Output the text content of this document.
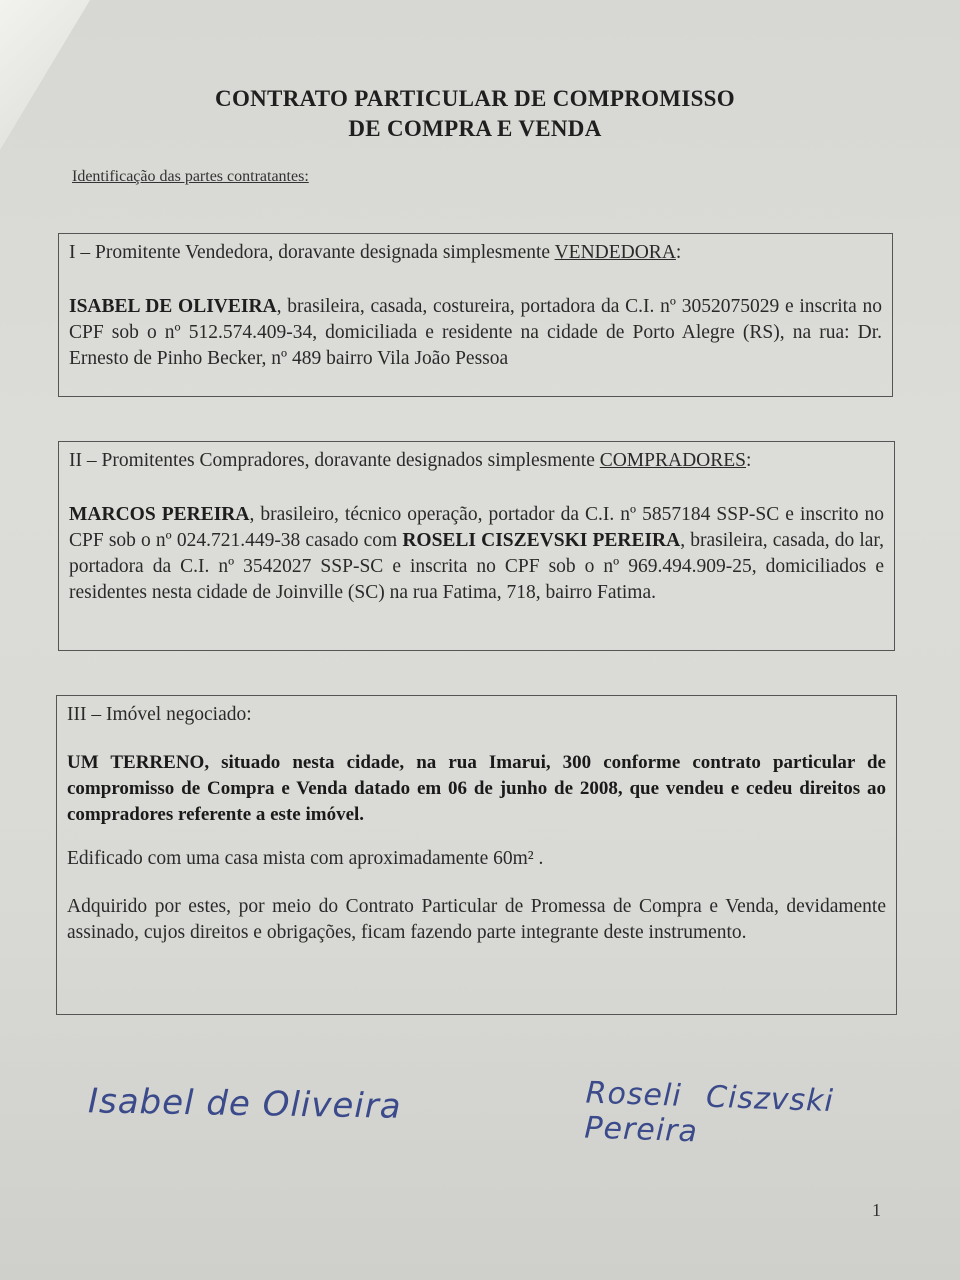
CONTRATO PARTICULAR DE COMPROMISSO
DE COMPRA E VENDA
Identificação das partes contratantes:

I – Promitente Vendedora, doravante designada simplesmente VENDEDORA:

ISABEL DE OLIVEIRA, brasileira, casada, costureira, portadora da C.I. nº 3052075029 e inscrita no CPF sob o nº 512.574.409-34, domiciliada e residente na cidade de Porto Alegre (RS), na rua: Dr. Ernesto de Pinho Becker, nº 489 bairro Vila João Pessoa

II – Promitentes Compradores, doravante designados simplesmente COMPRADORES:

MARCOS PEREIRA, brasileiro, técnico operação, portador da C.I. nº 5857184 SSP-SC e inscrito no CPF sob o nº 024.721.449-38 casado com ROSELI CISZEVSKI PEREIRA, brasileira, casada, do lar, portadora da C.I. nº 3542027 SSP-SC e inscrita no CPF sob o nº 969.494.909-25, domiciliados e residentes nesta cidade de Joinville (SC) na rua Fatima, 718, bairro Fatima.

III – Imóvel negociado:

UM TERRENO, situado nesta cidade, na rua Imarui, 300 conforme contrato particular de compromisso de Compra e Venda datado em 06 de junho de 2008, que vendeu e cedeu direitos ao compradores referente a este imóvel.

Edificado com uma casa mista com aproximadamente 60m² .

Adquirido por estes, por meio do Contrato Particular de Promessa de Compra e Venda, devidamente assinado, cujos direitos e obrigações, ficam fazendo parte integrante deste instrumento.

Isabel de Oliveira	Roseli Ciszvski Pereira
1
